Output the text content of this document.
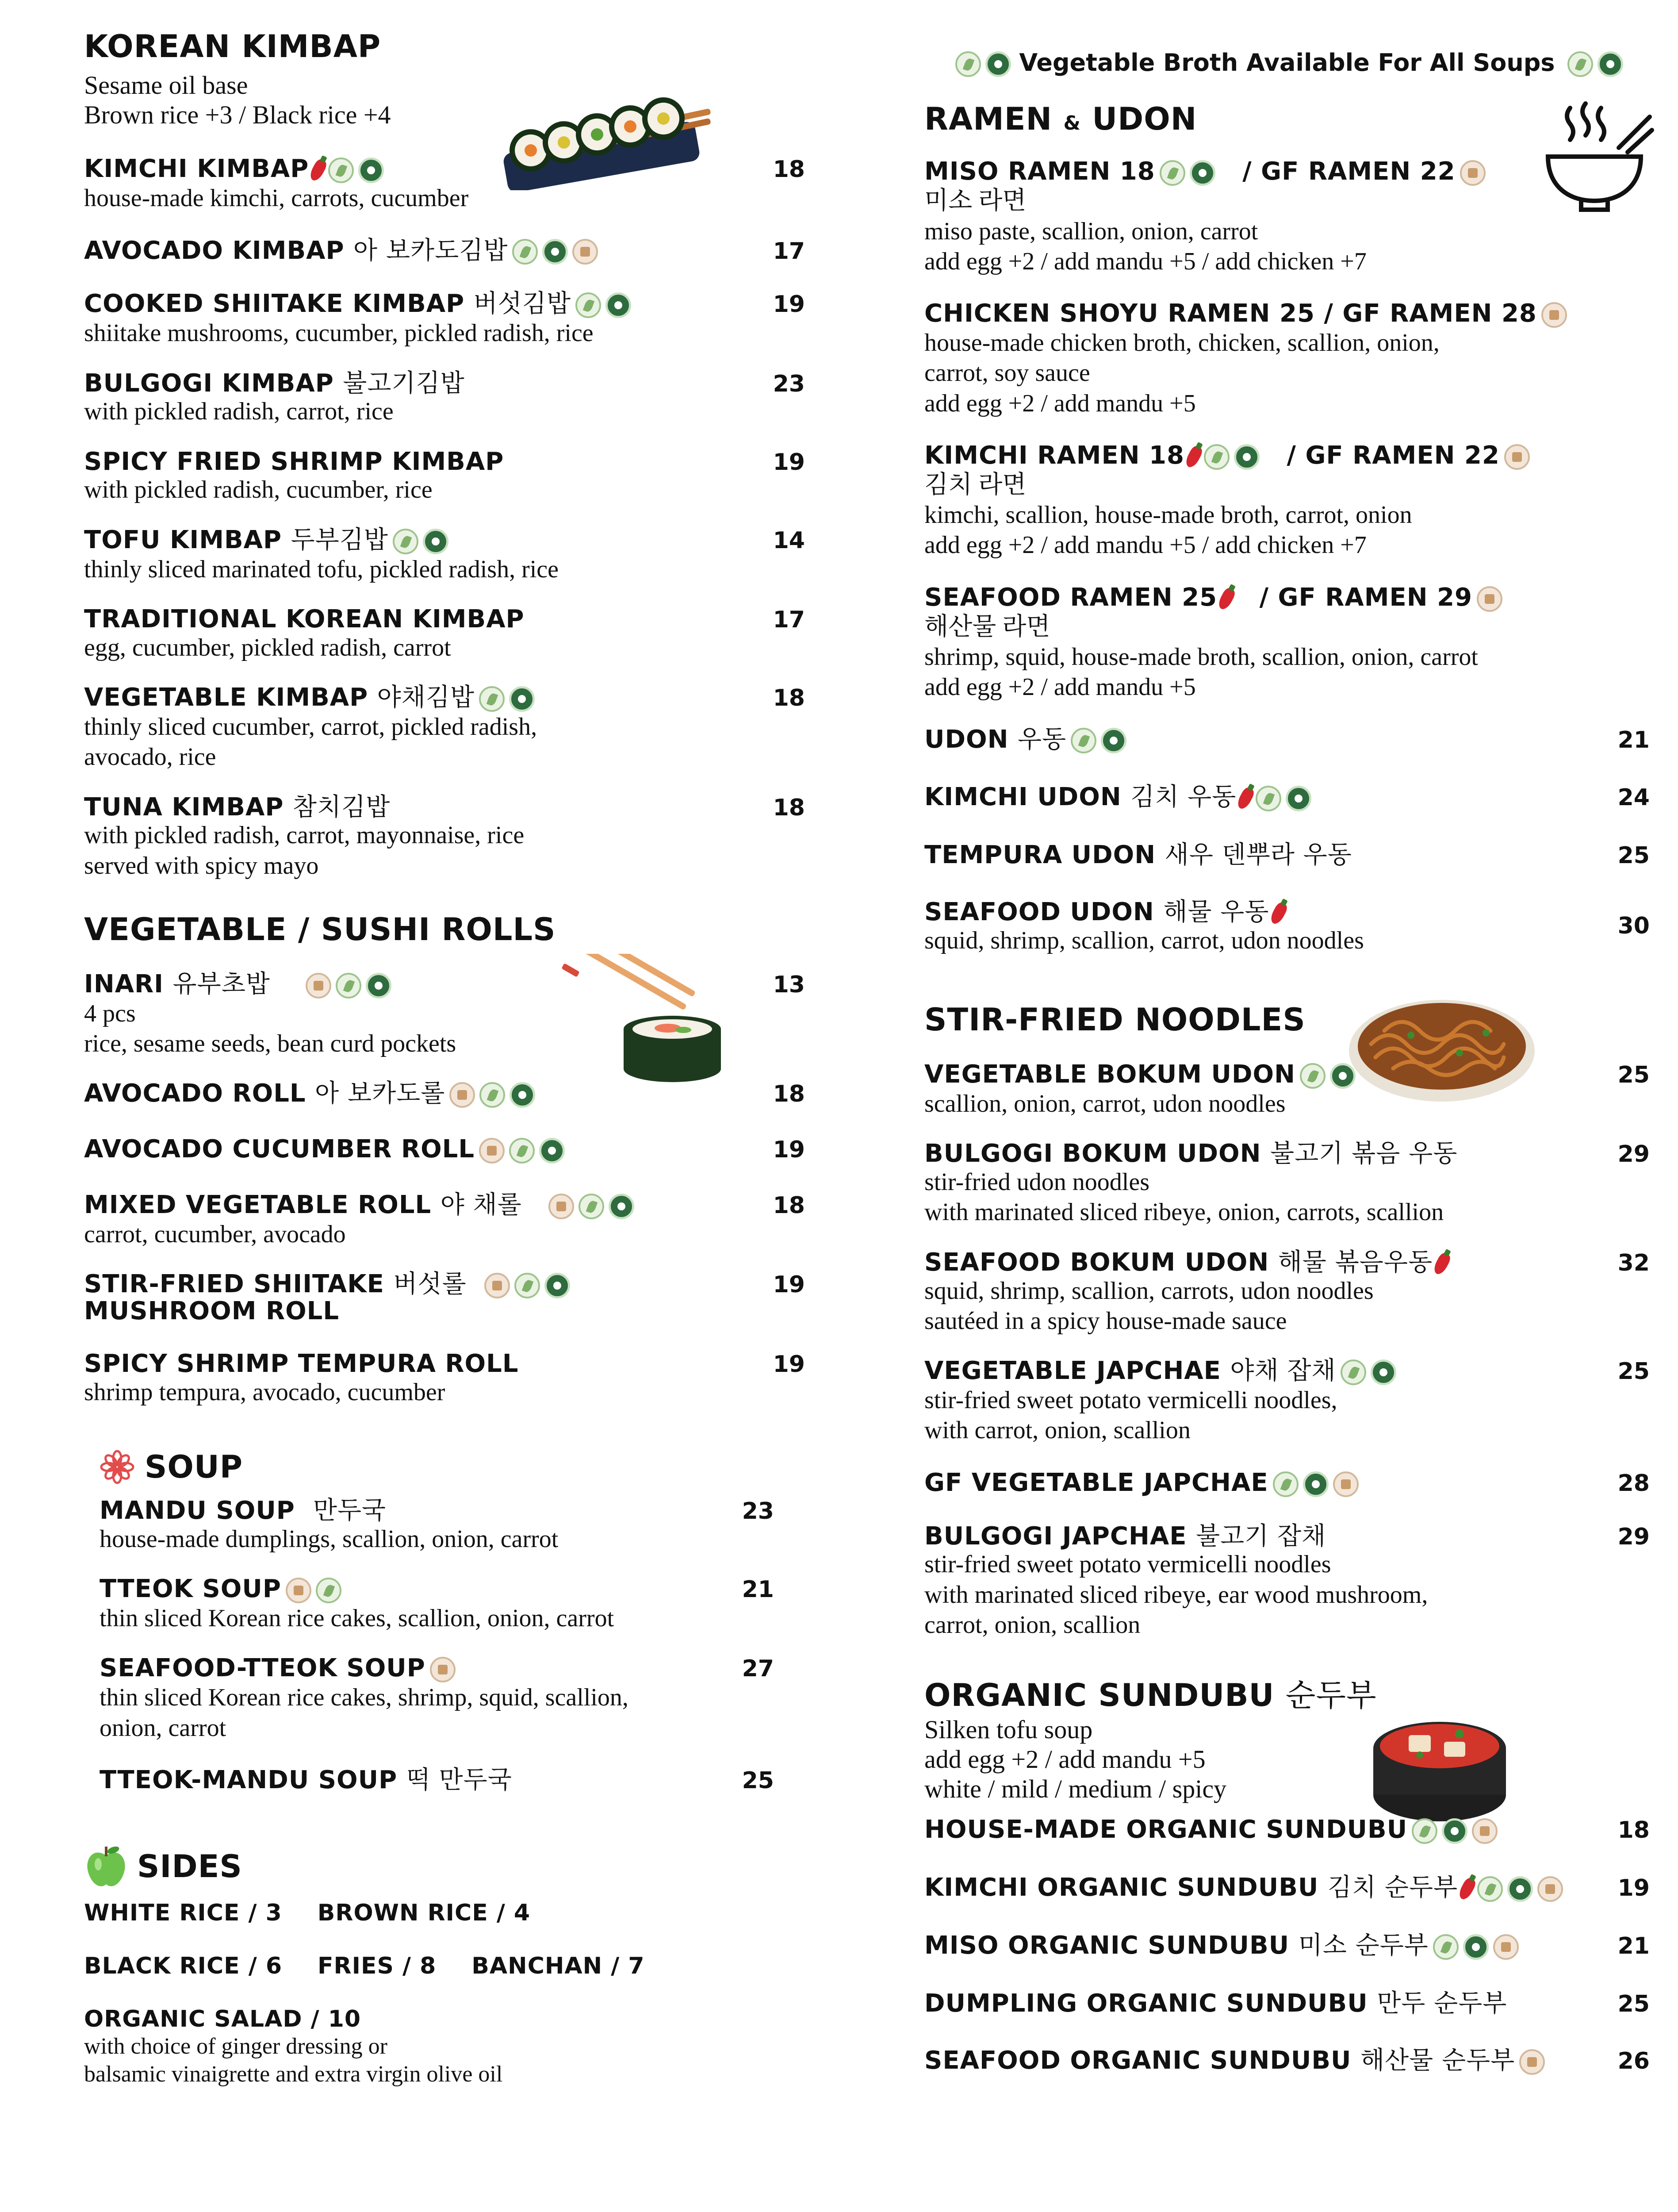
KOREAN KIMBAP
Sesame oil base
Brown rice +3 / Black rice +4
KIMCHI KIMBAP
house-made kimchi, carrots, cucumber
18
AVOCADO KIMBAP 아 보카도김밥	17
COOKED SHIITAKE KIMBAP 버섯김밥
shiitake mushrooms, cucumber, pickled radish, rice
19
BULGOGI KIMBAP 불고기김밥
with pickled radish, carrot, rice
23
SPICY FRIED SHRIMP KIMBAP
with pickled radish, cucumber, rice
19
TOFU KIMBAP 두부김밥
thinly sliced marinated tofu, pickled radish, rice
14
TRADITIONAL KOREAN KIMBAP
egg, cucumber, pickled radish, carrot
17
VEGETABLE KIMBAP 야채김밥
thinly sliced cucumber, carrot, pickled radish,
avocado, rice
18
TUNA KIMBAP 참치김밥
with pickled radish, carrot, mayonnaise, rice
served with spicy mayo
18
VEGETABLE / SUSHI ROLLS
INARI 유부초밥
4 pcs
rice, sesame seeds, bean curd pockets
13
AVOCADO ROLL 아 보카도롤	18
AVOCADO CUCUMBER ROLL	19
MIXED VEGETABLE ROLL 야 채롤
carrot, cucumber, avocado
18
STIR-FRIED SHIITAKE 버섯롤
MUSHROOM ROLL
19
SPICY SHRIMP TEMPURA ROLL
shrimp tempura, avocado, cucumber
19
SOUP
MANDU SOUP 만두국
house-made dumplings, scallion, onion, carrot
23
TTEOK SOUP
thin sliced Korean rice cakes, scallion, onion, carrot
21
SEAFOOD-TTEOK SOUP
thin sliced Korean rice cakes, shrimp, squid, scallion,
onion, carrot
27
TTEOK-MANDU SOUP 떡 만두국	25
SIDES
WHITE RICE / 3 BROWN RICE / 4
BLACK RICE / 6 FRIES / 8 BANCHAN / 7
ORGANIC SALAD / 10
with choice of ginger dressing or
balsamic vinaigrette and extra virgin olive oil
Vegetable Broth Available For All Soups
RAMEN & UDON
MISO RAMEN 18	/ GF RAMEN 22
미소 라면
miso paste, scallion, onion, carrot
add egg +2 / add mandu +5 / add chicken +7
CHICKEN SHOYU RAMEN 25 / GF RAMEN 28
house-made chicken broth, chicken, scallion, onion,
carrot, soy sauce
add egg +2 / add mandu +5
KIMCHI RAMEN 18	/ GF RAMEN 22
김치 라면
kimchi, scallion, house-made broth, carrot, onion
add egg +2 / add mandu +5 / add chicken +7
SEAFOOD RAMEN 25 / GF RAMEN 29
해산물 라면
shrimp, squid, house-made broth, scallion, onion, carrot
add egg +2 / add mandu +5
UDON 우동	21
KIMCHI UDON 김치 우동	24
TEMPURA UDON 새우 덴뿌라 우동	25
SEAFOOD UDON 해물 우동
squid, shrimp, scallion, carrot, udon noodles
30
STIR-FRIED NOODLES
VEGETABLE BOKUM UDON
scallion, onion, carrot, udon noodles
25
BULGOGI BOKUM UDON 불고기 볶음 우동
stir-fried udon noodles
with marinated sliced ribeye, onion, carrots, scallion
29
SEAFOOD BOKUM UDON 해물 볶음우동
squid, shrimp, scallion, carrots, udon noodles
sautéed in a spicy house-made sauce
32
VEGETABLE JAPCHAE 야채 잡채
stir-fried sweet potato vermicelli noodles,
with carrot, onion, scallion
25
GF VEGETABLE JAPCHAE	28
BULGOGI JAPCHAE 불고기 잡채
stir-fried sweet potato vermicelli noodles
with marinated sliced ribeye, ear wood mushroom,
carrot, onion, scallion
29
ORGANIC SUNDUBU 순두부
Silken tofu soup
add egg +2 / add mandu +5
white / mild / medium / spicy
HOUSE-MADE ORGANIC SUNDUBU	18
KIMCHI ORGANIC SUNDUBU 김치 순두부	19
MISO ORGANIC SUNDUBU 미소 순두부	21
DUMPLING ORGANIC SUNDUBU 만두 순두부	25
SEAFOOD ORGANIC SUNDUBU 해산물 순두부	26
